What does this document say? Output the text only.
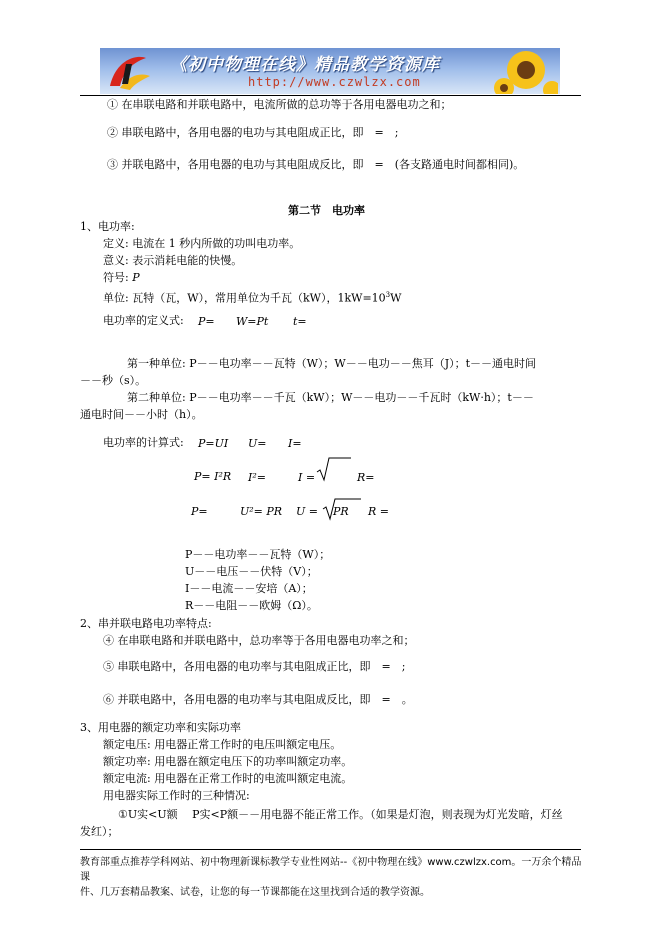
《初中物理在线》精品教学资源库
http://www.czwlzx.com
① 在串联电路和并联电路中，电流所做的总功等于各用电器电功之和；
② 串联电路中，各用电器的电功与其电阻成正比，即　=　;
③ 并联电路中，各用电器的电功与其电阻成反比，即　=　(各支路通电时间都相同)。
第二节　电功率
1、电功率:
定义: 电流在 1 秒内所做的功叫电功率。
意义: 表示消耗电能的快慢。
符号: P
单位: 瓦特（瓦，W），常用单位为千瓦（kW），$1kW=10^3W$
电功率的定义式: P= W=Pt t=
第一种单位: P－－电功率－－瓦特（W）；W－－电功－－焦耳（J）；t－－通电时间
－－秒（s）。
第二种单位: P－－电功率－－千瓦（kW）；W－－电功－－千瓦时（kW·h）；t－－
通电时间－－小时（h）。
电功率的计算式: P=UI U= I=
P= I²R I²=	I =	R=
P=	U²= PR U = PR R =
P－－电功率－－瓦特（W）；
U－－电压－－伏特（V）；
I－－电流－－安培（A）；
R－－电阻－－欧姆（Ω）。
2、串并联电路电功率特点:
④ 在串联电路和并联电路中，总功率等于各用电器电功率之和；
⑤ 串联电路中，各用电器的电功率与其电阻成正比，即　=　;
⑥ 并联电路中，各用电器的电功率与其电阻成反比，即　=　。
3、用电器的额定功率和实际功率
额定电压: 用电器正常工作时的电压叫额定电压。
额定功率: 用电器在额定电压下的功率叫额定功率。
额定电流: 用电器在正常工作时的电流叫额定电流。
用电器实际工作时的三种情况:
①U实<U额　 P实<P额－－用电器不能正常工作。（如果是灯泡，则表现为灯光发暗，灯丝
发红）；
教育部重点推荐学科网站、初中物理新课标教学专业性网站--《初中物理在线》www.czwlzx.com。一万余个精品课
件、几万套精品教案、试卷，让您的每一节课都能在这里找到合适的教学资源。
